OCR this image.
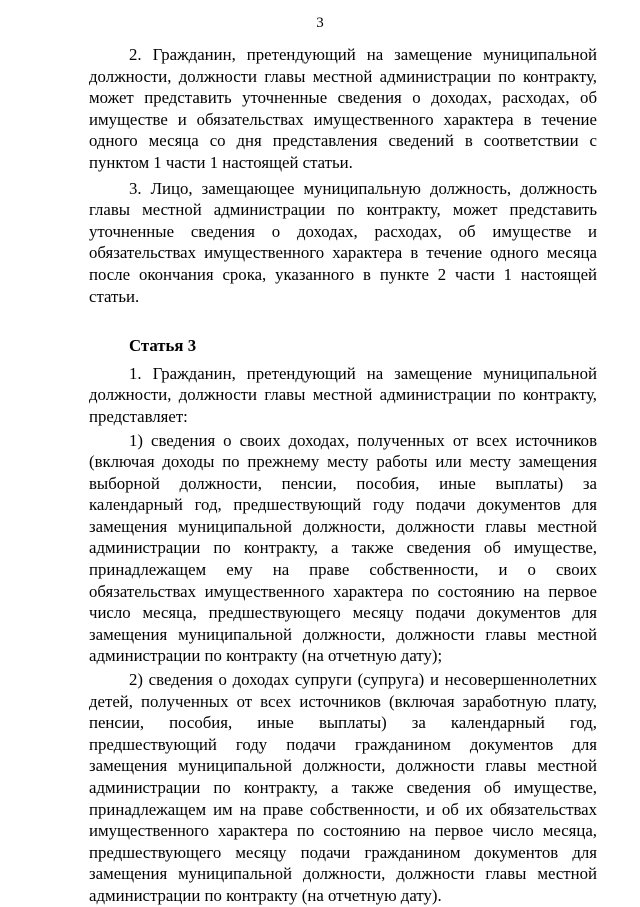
3

2. Гражданин, претендующий на замещение муниципальной должности, должности главы местной администрации по контракту, может представить уточненные сведения о доходах, расходах, об имуществе и обязательствах имущественного характера в течение одного месяца со дня представления сведений в соответствии с пунктом 1 части 1 настоящей статьи.

3. Лицо, замещающее муниципальную должность, должность главы местной администрации по контракту, может представить уточненные сведения о доходах, расходах, об имуществе и обязательствах имущественного характера в течение одного месяца после окончания срока, указанного в пункте 2 части 1 настоящей статьи.

Статья 3

1. Гражданин, претендующий на замещение муниципальной должности, должности главы местной администрации по контракту, представляет:

1) сведения о своих доходах, полученных от всех источников (включая доходы по прежнему месту работы или месту замещения выборной должности, пенсии, пособия, иные выплаты) за календарный год, предшествующий году подачи документов для замещения муниципальной должности, должности главы местной администрации по контракту, а также сведения об имуществе, принадлежащем ему на праве собственности, и о своих обязательствах имущественного характера по состоянию на первое число месяца, предшествующего месяцу подачи документов для замещения муниципальной должности, должности главы местной администрации по контракту (на отчетную дату);

2) сведения о доходах супруги (супруга) и несовершеннолетних детей, полученных от всех источников (включая заработную плату, пенсии, пособия, иные выплаты) за календарный год, предшествующий году подачи гражданином документов для замещения муниципальной должности, должности главы местной администрации по контракту, а также сведения об имуществе, принадлежащем им на праве собственности, и об их обязательствах имущественного характера по состоянию на первое число месяца, предшествующего месяцу подачи гражданином документов для замещения муниципальной должности, должности главы местной администрации по контракту (на отчетную дату).
